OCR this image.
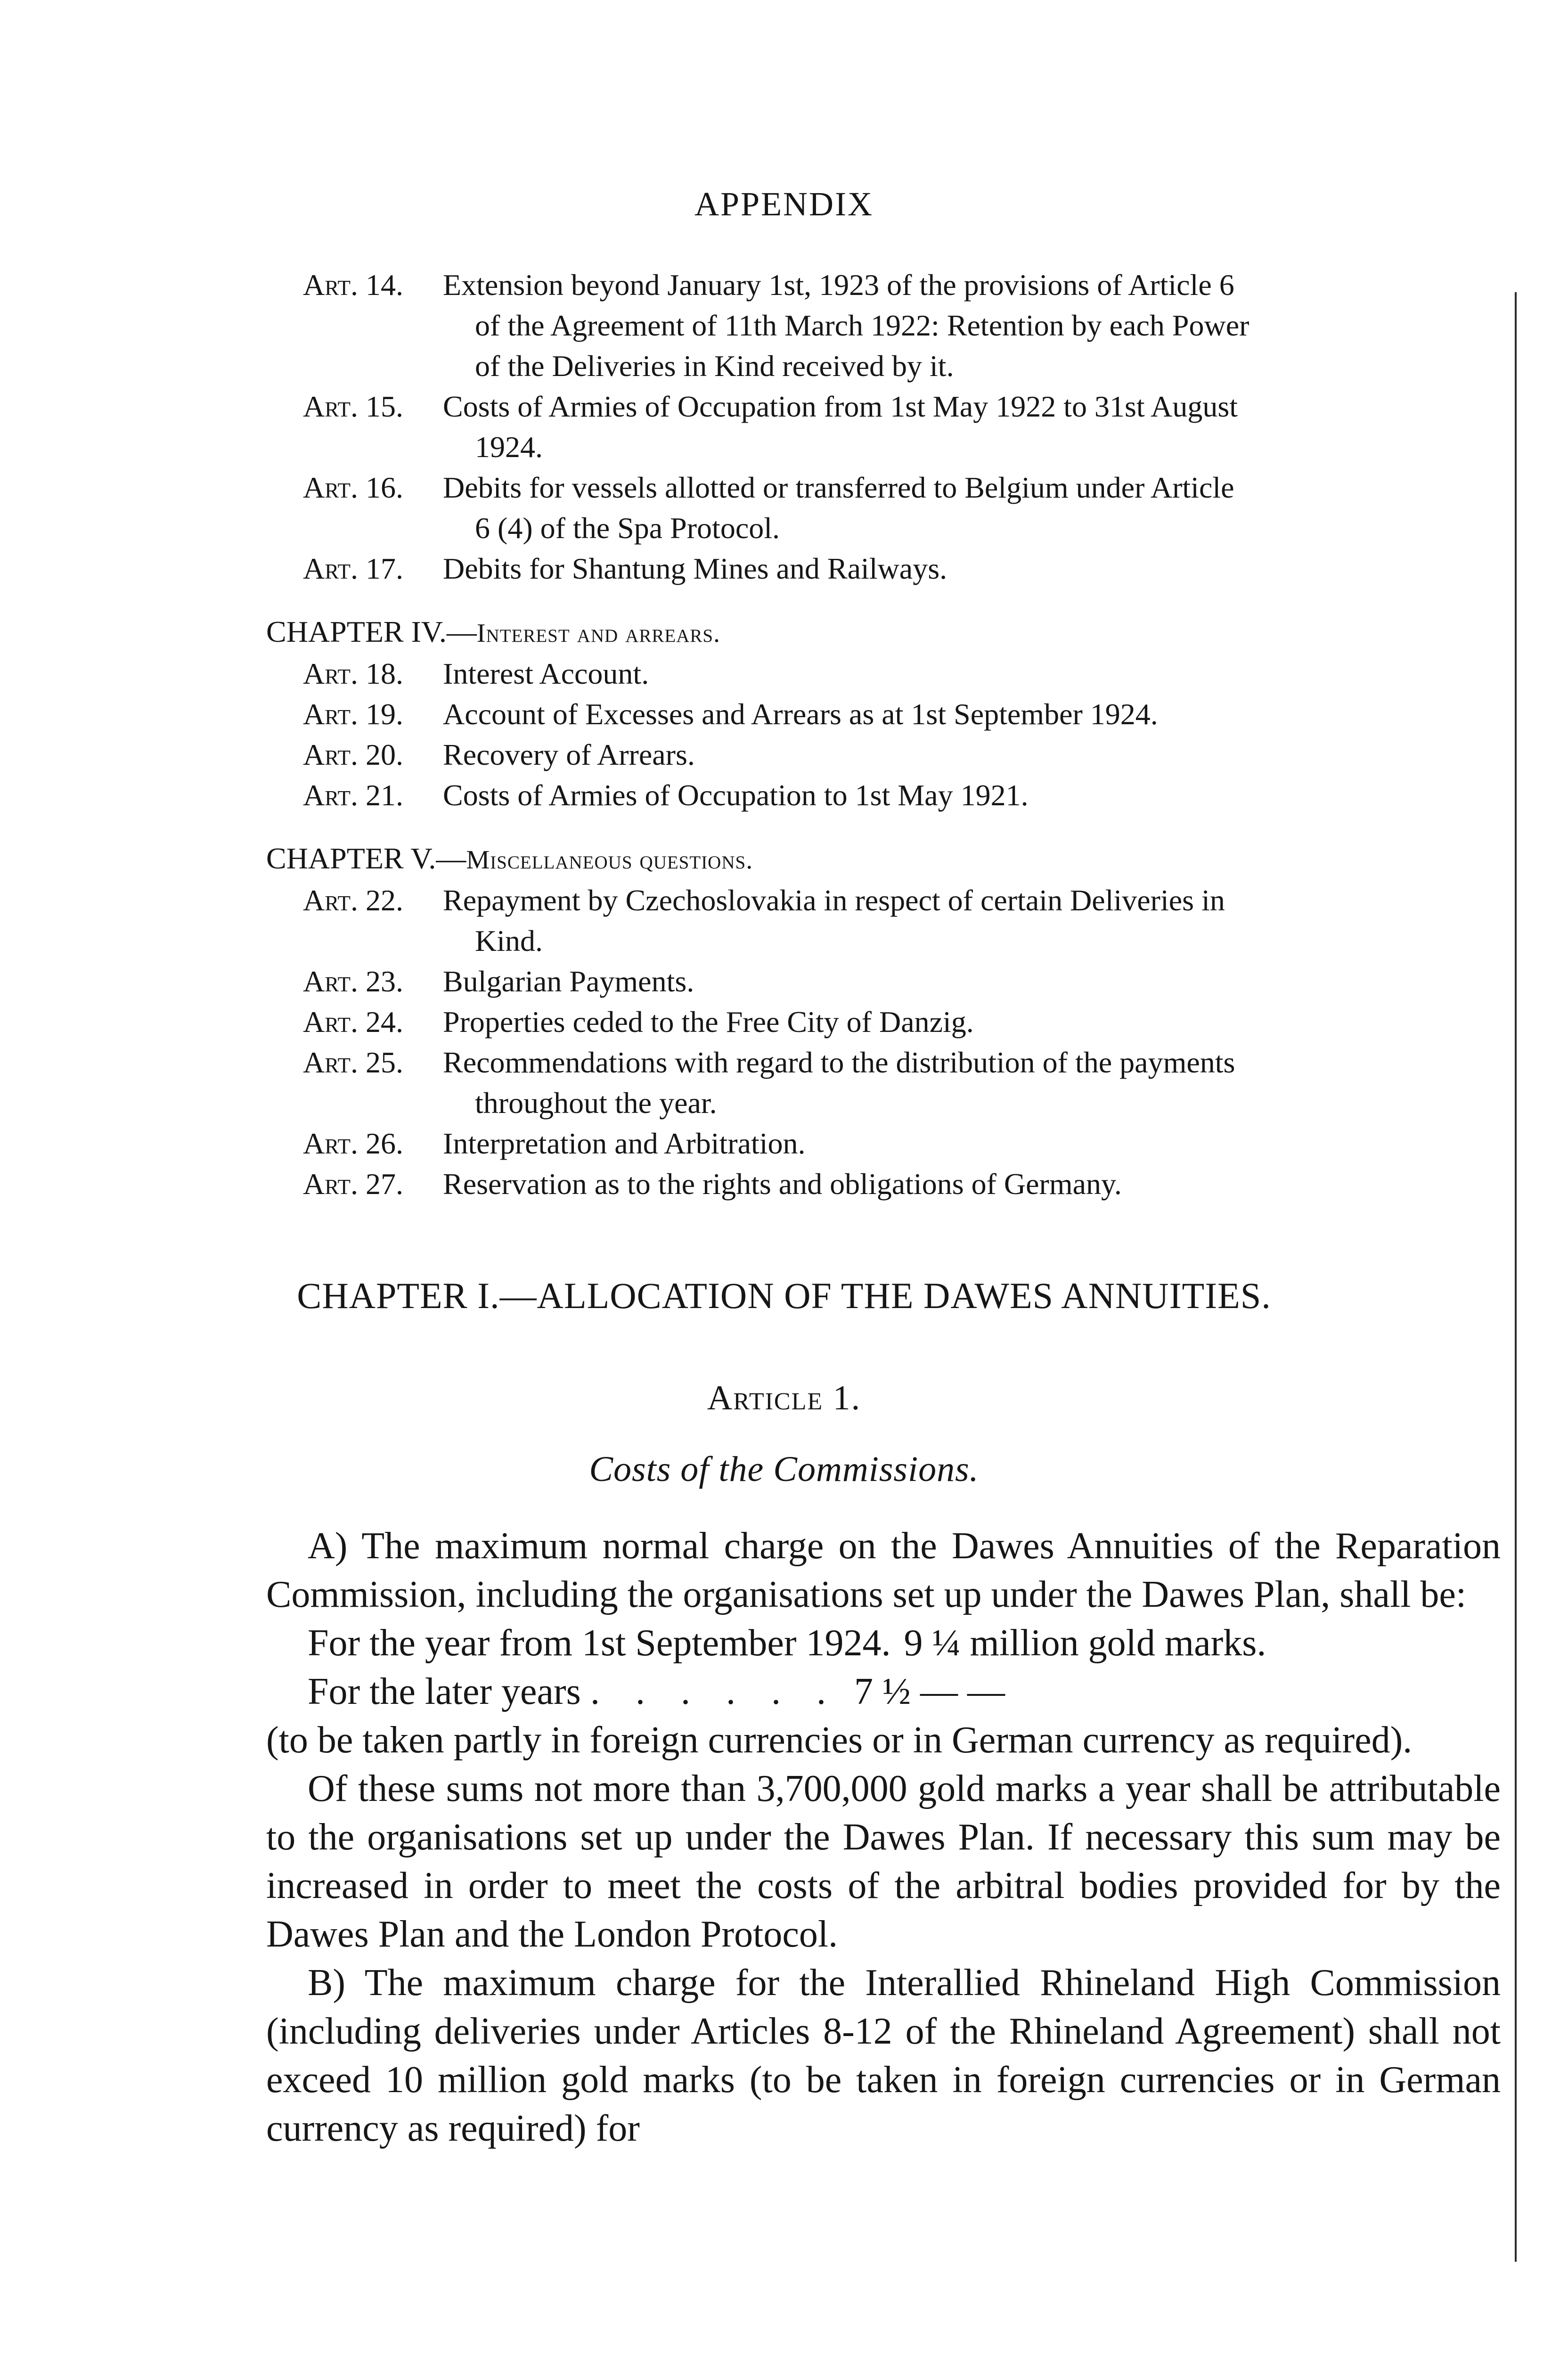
APPENDIX
Art. 14. Extension beyond January 1st, 1923 of the provisions of Article 6
of the Agreement of 11th March 1922: Retention by each Power
of the Deliveries in Kind received by it.
Art. 15. Costs of Armies of Occupation from 1st May 1922 to 31st August
1924.
Art. 16. Debits for vessels allotted or transferred to Belgium under Article
6 (4) of the Spa Protocol.
Art. 17. Debits for Shantung Mines and Railways.
CHAPTER IV.—Interest and arrears.
Art. 18. Interest Account.
Art. 19. Account of Excesses and Arrears as at 1st September 1924.
Art. 20. Recovery of Arrears.
Art. 21. Costs of Armies of Occupation to 1st May 1921.
CHAPTER V.—Miscellaneous questions.
Art. 22. Repayment by Czechoslovakia in respect of certain Deliveries in
Kind.
Art. 23. Bulgarian Payments.
Art. 24. Properties ceded to the Free City of Danzig.
Art. 25. Recommendations with regard to the distribution of the payments
throughout the year.
Art. 26. Interpretation and Arbitration.
Art. 27. Reservation as to the rights and obligations of Germany.
CHAPTER I.—ALLOCATION OF THE DAWES ANNUITIES.
Article 1.
Costs of the Commissions.

A) The maximum normal charge on the Dawes Annuities of the Reparation Commission, including the organisations set up under the Dawes Plan, shall be:

For the year from 1st September 1924. 9 ¼ million gold marks.
For the later years . . . . . . 7 ½ — —

(to be taken partly in foreign currencies or in German currency as required).

Of these sums not more than 3,700,000 gold marks a year shall be attributable to the organisations set up under the Dawes Plan. If necessary this sum may be increased in order to meet the costs of the arbitral bodies provided for by the Dawes Plan and the London Protocol.

B) The maximum charge for the Interallied Rhineland High Commission (including deliveries under Articles 8-12 of the Rhineland Agreement) shall not exceed 10 million gold marks (to be taken in foreign currencies or in German currency as required) for
